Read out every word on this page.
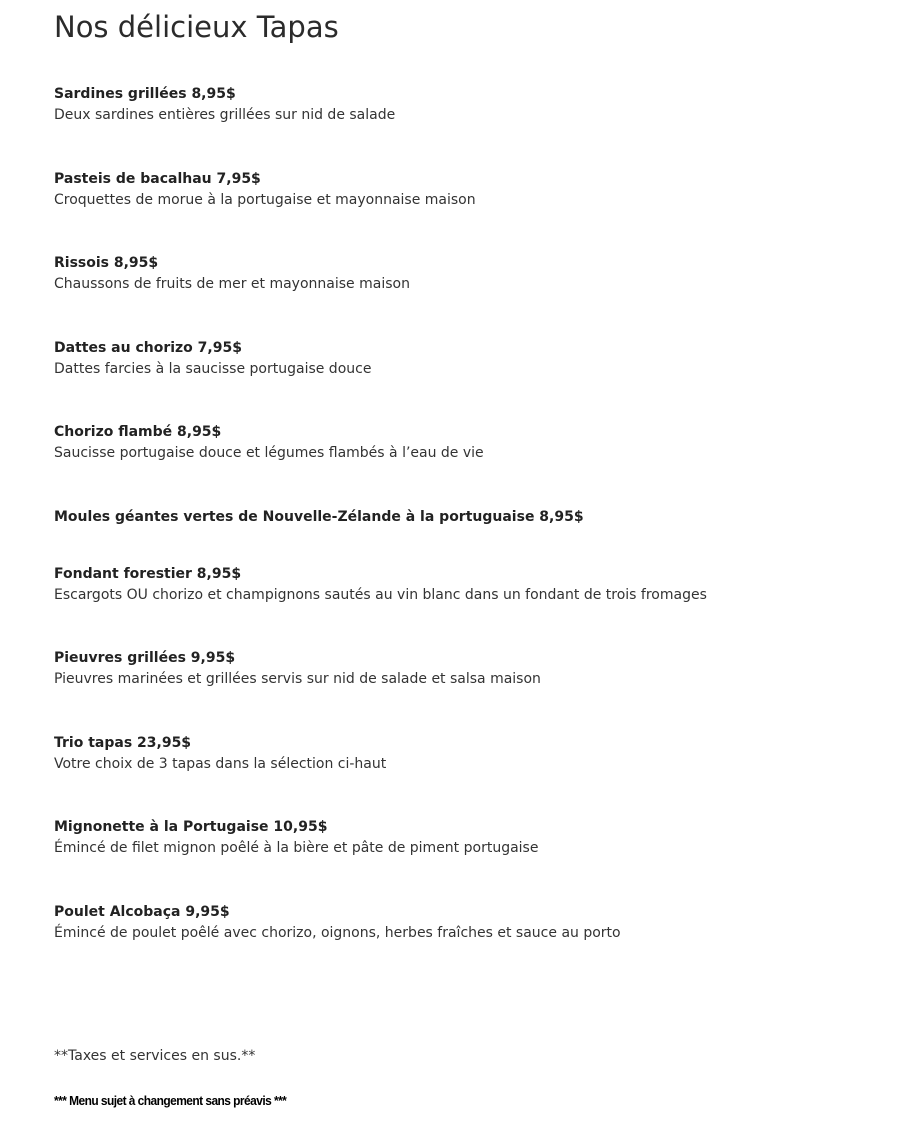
Nos délicieux Tapas
Sardines grillées 8,95$
Deux sardines entières grillées sur nid de salade
Pasteis de bacalhau 7,95$
Croquettes de morue à la portugaise et mayonnaise maison
Rissois 8,95$
Chaussons de fruits de mer et mayonnaise maison
Dattes au chorizo 7,95$
Dattes farcies à la saucisse portugaise douce
Chorizo flambé 8,95$
Saucisse portugaise douce et légumes flambés à l’eau de vie
Moules géantes vertes de Nouvelle-Zélande à la portuguaise 8,95$
Fondant forestier 8,95$
Escargots OU chorizo et champignons sautés au vin blanc dans un fondant de trois fromages
Pieuvres grillées 9,95$
Pieuvres marinées et grillées servis sur nid de salade et salsa maison
Trio tapas 23,95$
Votre choix de 3 tapas dans la sélection ci-haut
Mignonette à la Portugaise 10,95$
Émincé de filet mignon poêlé à la bière et pâte de piment portugaise
Poulet Alcobaça 9,95$
Émincé de poulet poêlé avec chorizo, oignons, herbes fraîches et sauce au porto
**Taxes et services en sus.**
*** Menu sujet à changement sans préavis ***
